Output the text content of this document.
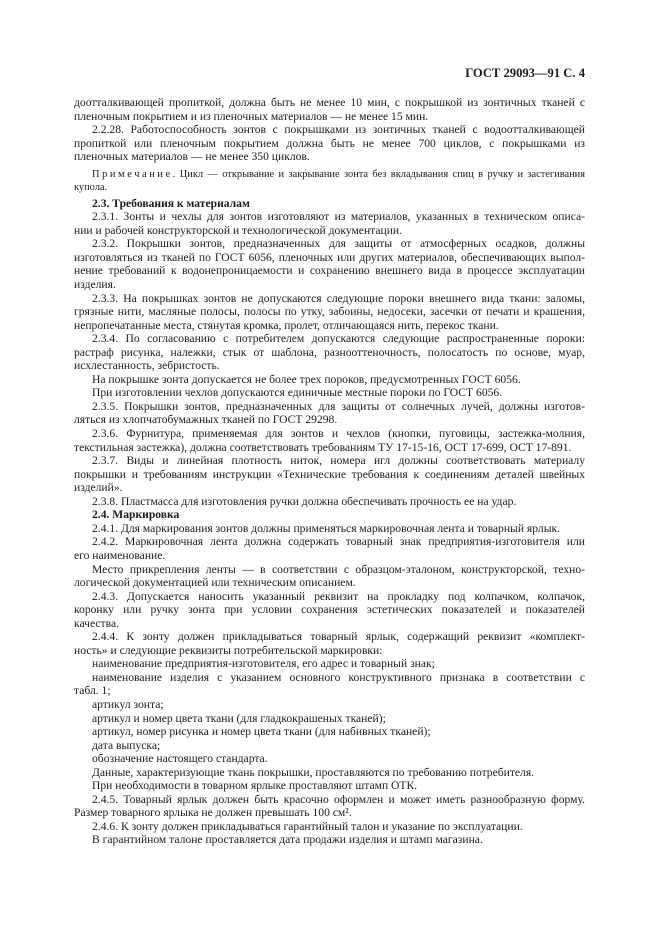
ГОСТ 29093—91 С. 4
доотталкивающей пропиткой, должна быть не менее 10 мин, с покрышкой из зонтичных тканей с
пленочным покрытием и из пленочных материалов — не менее 15 мин.
2.2.28. Работоспособность зонтов с покрышками из зонтичных тканей с водоотталкивающей
пропиткой или пленочным покрытием должна быть не менее 700 циклов, с покрышками из
пленочных материалов — не менее 350 циклов.
Примечание. Цикл — открывание и закрывание зонта без вкладывания спиц в ручку и застегивания
купола.
2.3. Требования к материалам
2.3.1. Зонты и чехлы для зонтов изготовляют из материалов, указанных в техническом описа-
нии и рабочей конструкторской и технологической документации.
2.3.2. Покрышки зонтов, предназначенных для защиты от атмосферных осадков, должны
изготовляться из тканей по ГОСТ 6056, пленочных или других материалов, обеспечивающих выпол-
нение требований к водонепроницаемости и сохранению внешнего вида в процессе эксплуатации
изделия.
2.3.3. На покрышках зонтов не допускаются следующие пороки внешнего вида ткани: заломы,
грязные нити, масляные полосы, полосы по утку, забоины, недосеки, засечки от печати и крашения,
непропечатанные места, стянутая кромка, пролет, отличающаяся нить, перекос ткани.
2.3.4. По согласованию с потребителем допускаются следующие распространенные пороки:
растраф рисунка, належки, стык от шаблона, разнооттеночность, полосатость по основе, муар,
исхлестанность, зебристость.
На покрышке зонта допускается не более трех пороков, предусмотренных ГОСТ 6056.
При изготовлении чехлов допускаются единичные местные пороки по ГОСТ 6056.
2.3.5. Покрышки зонтов, предназначенных для защиты от солнечных лучей, должны изготов-
ляться из хлопчатобумажных тканей по ГОСТ 29298.
2.3.6. Фурнитура, применяемая для зонтов и чехлов (кнопки, пуговицы, застежка-молния,
текстильная застежка), должна соответствовать требованиям ТУ 17-15-16, ОСТ 17-699, ОСТ 17-891.
2.3.7. Виды и линейная плотность ниток, номера игл должны соответствовать материалу
покрышки и требованиям инструкции «Технические требования к соединениям деталей швейных
изделий».
2.3.8. Пластмасса для изготовления ручки должна обеспечивать прочность ее на удар.
2.4. Маркировка
2.4.1. Для маркирования зонтов должны применяться маркировочная лента и товарный ярлык.
2.4.2. Маркировочная лента должна содержать товарный знак предприятия-изготовителя или
его наименование.
Место прикрепления ленты — в соответствии с образцом-эталоном, конструкторской, техно-
логической документацией или техническим описанием.
2.4.3. Допускается наносить указанный реквизит на прокладку под колпачком, колпачок,
коронку или ручку зонта при условии сохранения эстетических показателей и показателей
качества.
2.4.4. К зонту должен прикладываться товарный ярлык, содержащий реквизит «комплект-
ность» и следующие реквизиты потребительской маркировки:
наименование предприятия-изготовителя, его адрес и товарный знак;
наименование изделия с указанием основного конструктивного признака в соответствии с
табл. 1;
артикул зонта;
артикул и номер цвета ткани (для гладкокрашеных тканей);
артикул, номер рисунка и номер цвета ткани (для набивных тканей);
дата выпуска;
обозначение настоящего стандарта.
Данные, характеризующие ткань покрышки, проставляются по требованию потребителя.
При необходимости в товарном ярлыке проставляют штамп ОТК.
2.4.5. Товарный ярлык должен быть красочно оформлен и может иметь разнообразную форму.
Размер товарного ярлыка не должен превышать 100 см².
2.4.6. К зонту должен прикладываться гарантийный талон и указание по эксплуатации.
В гарантийном талоне проставляется дата продажи изделия и штамп магазина.
